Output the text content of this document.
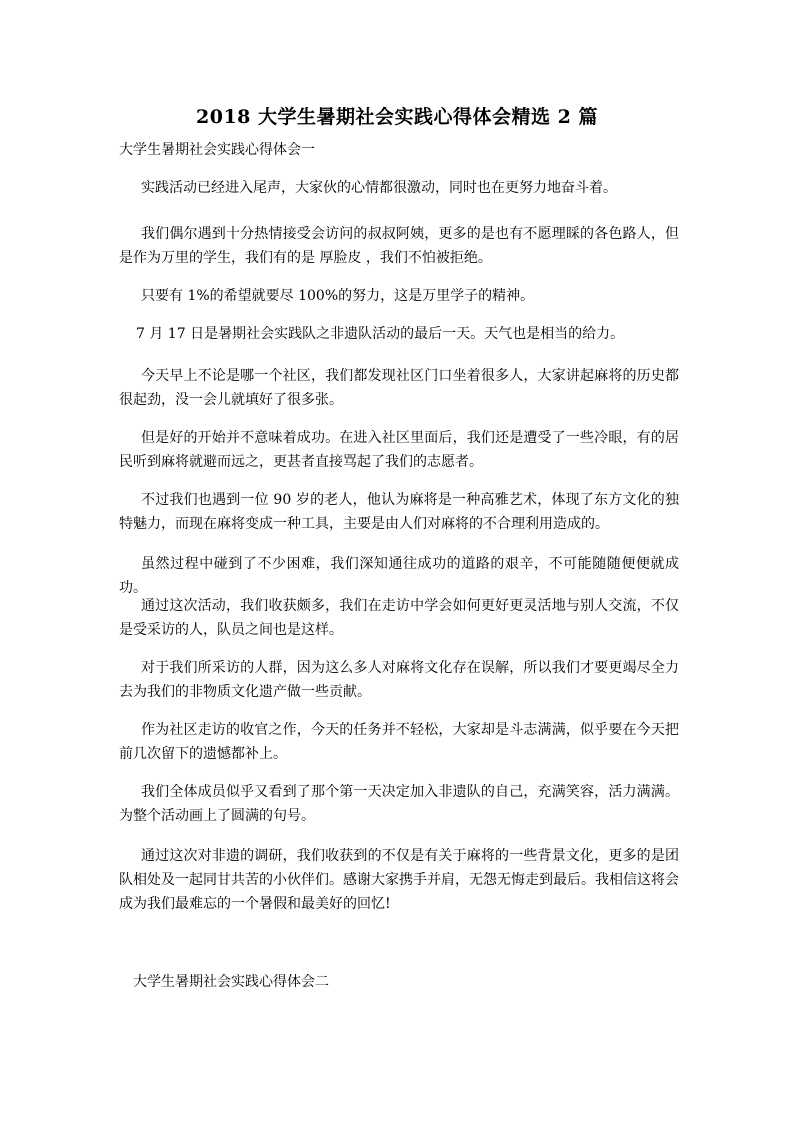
2018 大学生暑期社会实践心得体会精选 2 篇
大学生暑期社会实践心得体会一

实践活动已经进入尾声，大家伙的心情都很激动，同时也在更努力地奋斗着。

我们偶尔遇到十分热情接受会访问的叔叔阿姨，更多的是也有不愿理睬的各色路人，但是作为万里的学生，我们有的是 厚脸皮 ，我们不怕被拒绝。

只要有 1%的希望就要尽 100%的努力，这是万里学子的精神。

7 月 17 日是暑期社会实践队之非遗队活动的最后一天。天气也是相当的给力。

今天早上不论是哪一个社区，我们都发现社区门口坐着很多人，大家讲起麻将的历史都很起劲，没一会儿就填好了很多张。

但是好的开始并不意味着成功。在进入社区里面后，我们还是遭受了一些冷眼，有的居民听到麻将就避而远之，更甚者直接骂起了我们的志愿者。

不过我们也遇到一位 90 岁的老人，他认为麻将是一种高雅艺术，体现了东方文化的独特魅力，而现在麻将变成一种工具，主要是由人们对麻将的不合理利用造成的。

虽然过程中碰到了不少困难，我们深知通往成功的道路的艰辛，不可能随随便便就成功。

通过这次活动，我们收获颇多，我们在走访中学会如何更好更灵活地与别人交流，不仅是受采访的人，队员之间也是这样。

对于我们所采访的人群，因为这么多人对麻将文化存在误解，所以我们才要更竭尽全力去为我们的非物质文化遗产做一些贡献。

作为社区走访的收官之作，今天的任务并不轻松，大家却是斗志满满，似乎要在今天把前几次留下的遗憾都补上。

我们全体成员似乎又看到了那个第一天决定加入非遗队的自己，充满笑容，活力满满。为整个活动画上了圆满的句号。

通过这次对非遗的调研，我们收获到的不仅是有关于麻将的一些背景文化，更多的是团队相处及一起同甘共苦的小伙伴们。感谢大家携手并肩，无怨无悔走到最后。我相信这将会成为我们最难忘的一个暑假和最美好的回忆!

大学生暑期社会实践心得体会二
